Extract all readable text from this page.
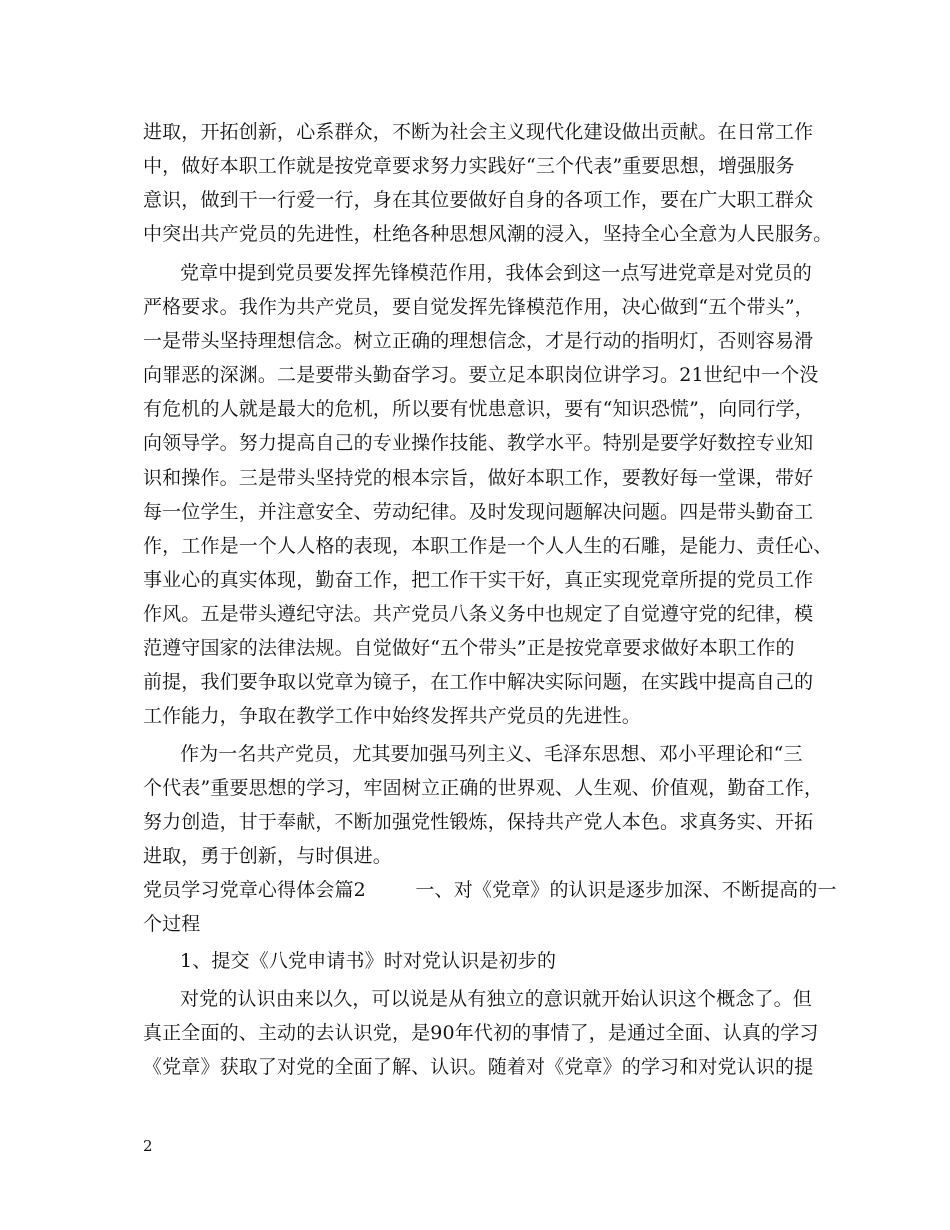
进取，开拓创新，心系群众，不断为社会主义现代化建设做出贡献。在日常工作
中，做好本职工作就是按党章要求努力实践好“三个代表”重要思想，增强服务
意识，做到干一行爱一行，身在其位要做好自身的各项工作，要在广大职工群众
中突出共产党员的先进性，杜绝各种思想风潮的浸入，坚持全心全意为人民服务。
党章中提到党员要发挥先锋模范作用，我体会到这一点写进党章是对党员的
严格要求。我作为共产党员，要自觉发挥先锋模范作用，决心做到“五个带头”，
一是带头坚持理想信念。树立正确的理想信念，才是行动的指明灯，否则容易滑
向罪恶的深渊。二是要带头勤奋学习。要立足本职岗位讲学习。21世纪中一个没
有危机的人就是最大的危机，所以要有忧患意识，要有“知识恐慌”，向同行学，
向领导学。努力提高自己的专业操作技能、教学水平。特别是要学好数控专业知
识和操作。三是带头坚持党的根本宗旨，做好本职工作，要教好每一堂课，带好
每一位学生，并注意安全、劳动纪律。及时发现问题解决问题。四是带头勤奋工
作，工作是一个人人格的表现，本职工作是一个人人生的石雕，是能力、责任心、
事业心的真实体现，勤奋工作，把工作干实干好，真正实现党章所提的党员工作
作风。五是带头遵纪守法。共产党员八条义务中也规定了自觉遵守党的纪律，模
范遵守国家的法律法规。自觉做好“五个带头”正是按党章要求做好本职工作的
前提，我们要争取以党章为镜子，在工作中解决实际问题，在实践中提高自己的
工作能力，争取在教学工作中始终发挥共产党员的先进性。
作为一名共产党员，尤其要加强马列主义、毛泽东思想、邓小平理论和“三
个代表”重要思想的学习，牢固树立正确的世界观、人生观、价值观，勤奋工作，
努力创造，甘于奉献，不断加强党性锻炼，保持共产党人本色。求真务实、开拓
进取，勇于创新，与时俱进。
党员学习党章心得体会篇2        一、对《党章》的认识是逐步加深、不断提高的一
个过程
1、提交《八党申请书》时对党认识是初步的
对党的认识由来以久，可以说是从有独立的意识就开始认识这个概念了。但
真正全面的、主动的去认识党，是90年代初的事情了，是通过全面、认真的学习
《党章》获取了对党的全面了解、认识。随着对《党章》的学习和对党认识的提
2
